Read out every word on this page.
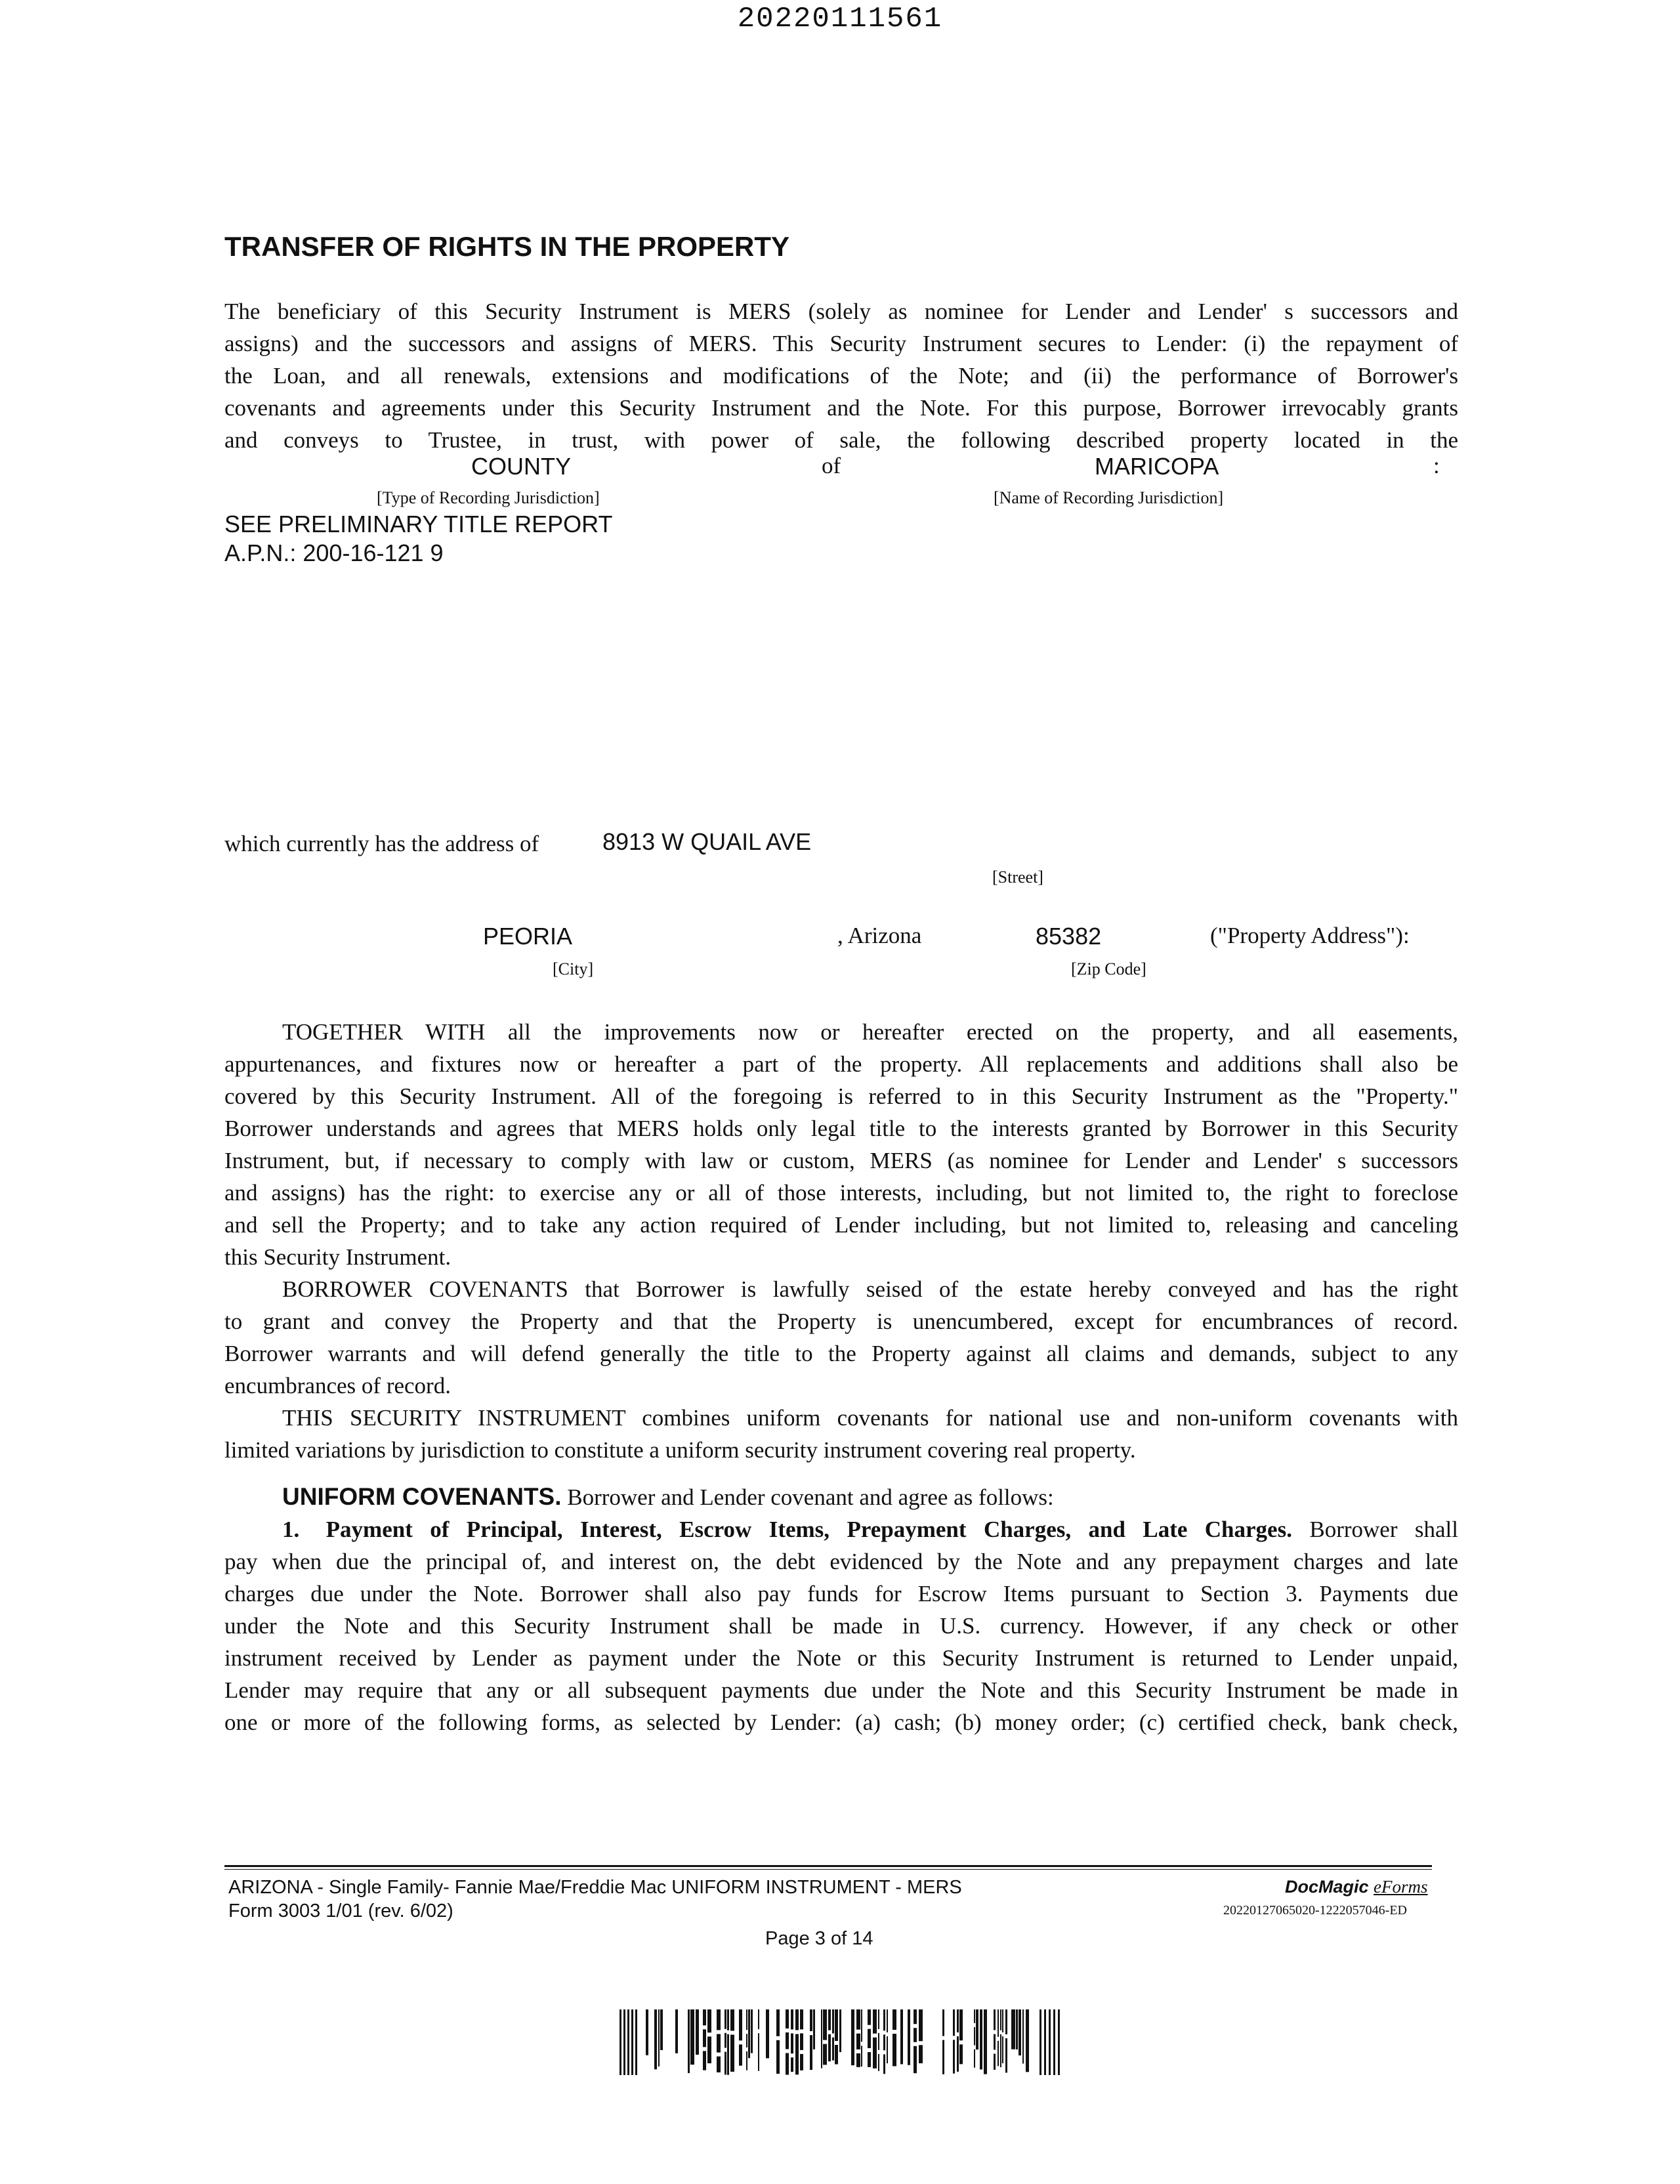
20220111561
TRANSFER OF RIGHTS IN THE PROPERTY
The beneficiary of this Security Instrument is MERS (solely as nominee for Lender and Lender' s successors and
assigns) and the successors and assigns of MERS. This Security Instrument secures to Lender: (i) the repayment of
the Loan, and all renewals, extensions and modifications of the Note; and (ii) the performance of Borrower's
covenants and agreements under this Security Instrument and the Note. For this purpose, Borrower irrevocably grants
and conveys to Trustee, in trust, with power of sale, the following described property located in the
COUNTY	of	MARICOPA	:
[Type of Recording Jurisdiction]	[Name of Recording Jurisdiction]
SEE PRELIMINARY TITLE REPORT
A.P.N.: 200-16-121 9
which currently has the address of	8913 W QUAIL AVE
[Street]
PEORIA	, Arizona	85382	("Property Address"):
[City]	[Zip Code]
TOGETHER WITH all the improvements now or hereafter erected on the property, and all easements,
appurtenances, and fixtures now or hereafter a part of the property. All replacements and additions shall also be
covered by this Security Instrument. All of the foregoing is referred to in this Security Instrument as the "Property."
Borrower understands and agrees that MERS holds only legal title to the interests granted by Borrower in this Security
Instrument, but, if necessary to comply with law or custom, MERS (as nominee for Lender and Lender' s successors
and assigns) has the right: to exercise any or all of those interests, including, but not limited to, the right to foreclose
and sell the Property; and to take any action required of Lender including, but not limited to, releasing and canceling
this Security Instrument.
BORROWER COVENANTS that Borrower is lawfully seised of the estate hereby conveyed and has the right
to grant and convey the Property and that the Property is unencumbered, except for encumbrances of record.
Borrower warrants and will defend generally the title to the Property against all claims and demands, subject to any
encumbrances of record.
THIS SECURITY INSTRUMENT combines uniform covenants for national use and non-uniform covenants with
limited variations by jurisdiction to constitute a uniform security instrument covering real property.
UNIFORM COVENANTS. Borrower and Lender covenant and agree as follows:
1. Payment of Principal, Interest, Escrow Items, Prepayment Charges, and Late Charges. Borrower shall
pay when due the principal of, and interest on, the debt evidenced by the Note and any prepayment charges and late
charges due under the Note. Borrower shall also pay funds for Escrow Items pursuant to Section 3. Payments due
under the Note and this Security Instrument shall be made in U.S. currency. However, if any check or other
instrument received by Lender as payment under the Note or this Security Instrument is returned to Lender unpaid,
Lender may require that any or all subsequent payments due under the Note and this Security Instrument be made in
one or more of the following forms, as selected by Lender: (a) cash; (b) money order; (c) certified check, bank check,
ARIZONA - Single Family- Fannie Mae/Freddie Mac UNIFORM INSTRUMENT - MERS
Form 3003 1/01 (rev. 6/02)
Page 3 of 14
DocMagic eForms
20220127065020-1222057046-ED
